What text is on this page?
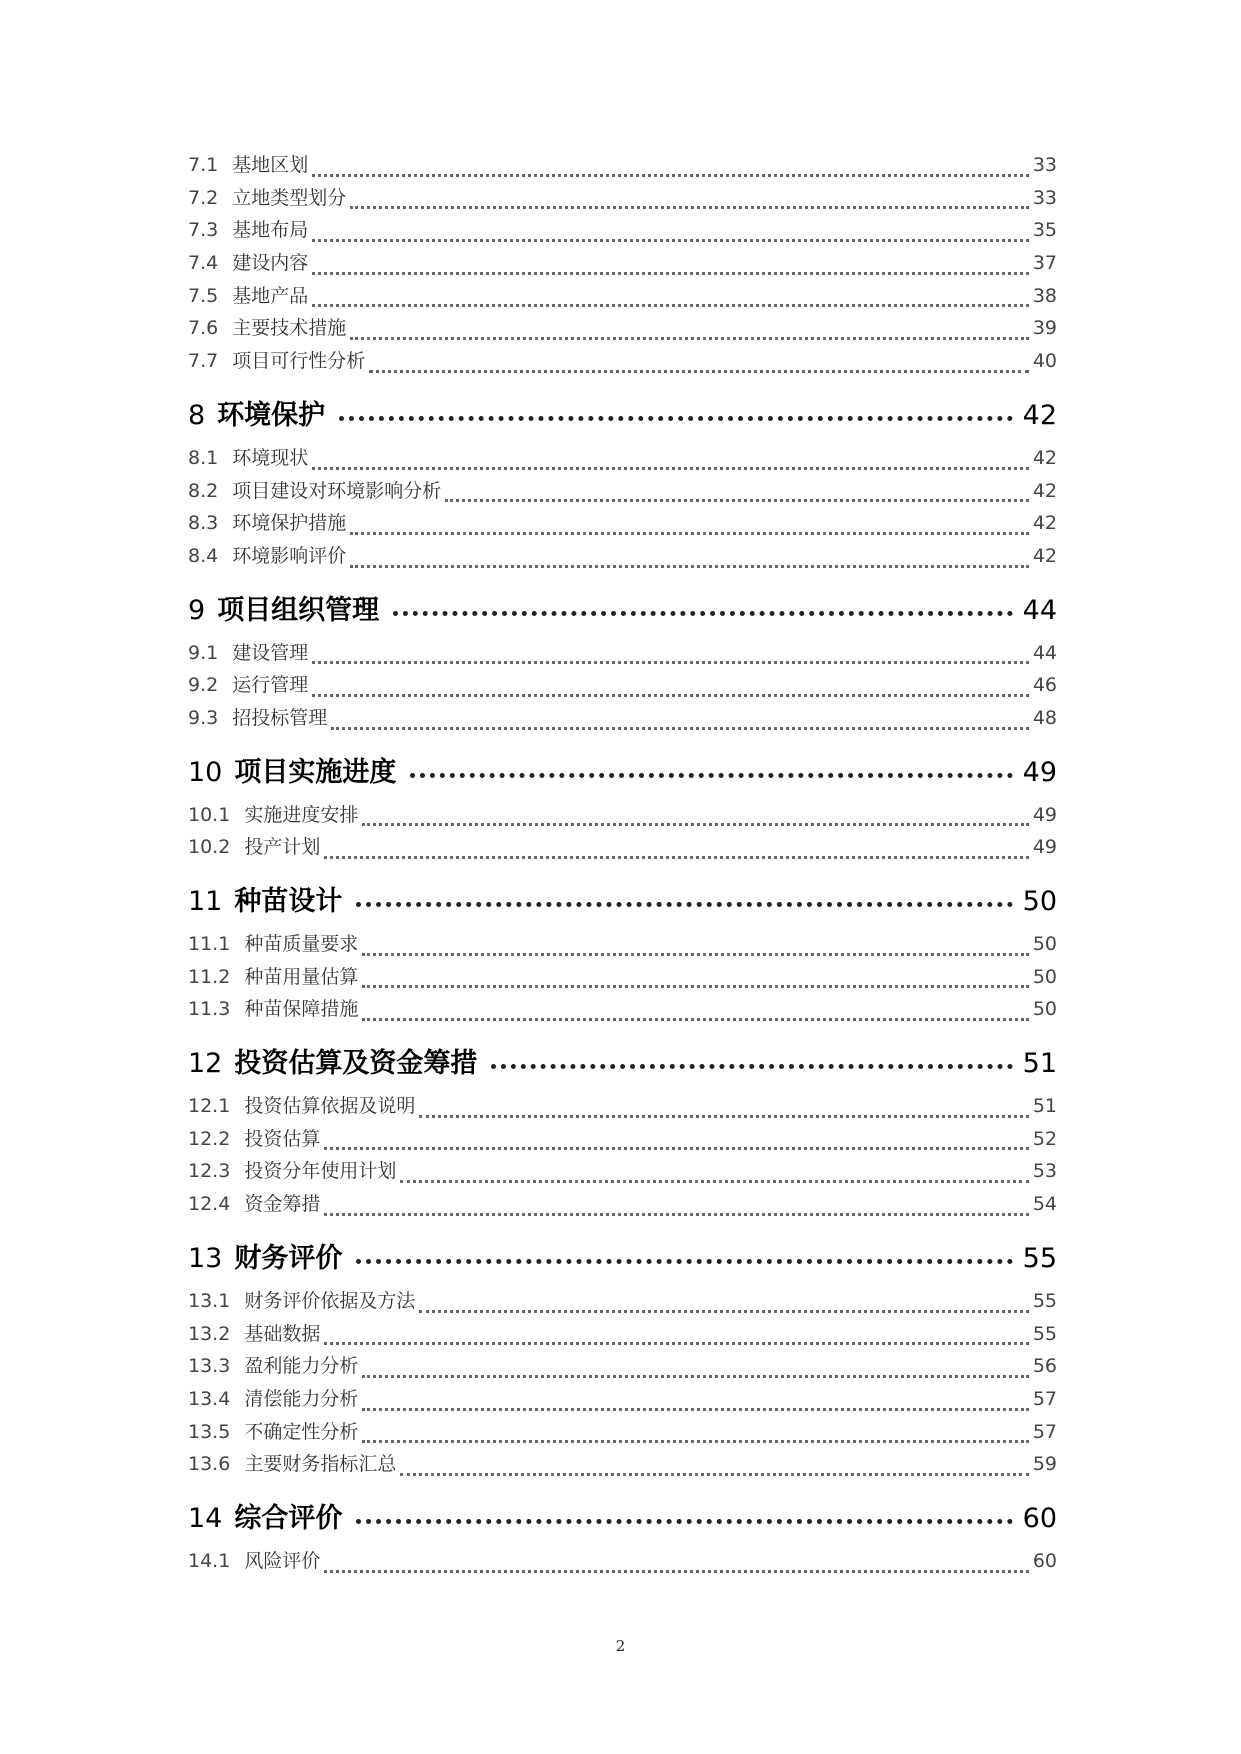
7.1 基地区划	33
7.2 立地类型划分	33
7.3 基地布局	35
7.4 建设内容	37
7.5 基地产品	38
7.6 主要技术措施	39
7.7 项目可行性分析	40
8 环境保护	42
8.1 环境现状	42
8.2 项目建设对环境影响分析	42
8.3 环境保护措施	42
8.4 环境影响评价	42
9 项目组织管理	44
9.1 建设管理	44
9.2 运行管理	46
9.3 招投标管理	48
10 项目实施进度	49
10.1 实施进度安排	49
10.2 投产计划	49
11 种苗设计	50
11.1 种苗质量要求	50
11.2 种苗用量估算	50
11.3 种苗保障措施	50
12 投资估算及资金筹措	51
12.1 投资估算依据及说明	51
12.2 投资估算	52
12.3 投资分年使用计划	53
12.4 资金筹措	54
13 财务评价	55
13.1 财务评价依据及方法	55
13.2 基础数据	55
13.3 盈利能力分析	56
13.4 清偿能力分析	57
13.5 不确定性分析	57
13.6 主要财务指标汇总	59
14 综合评价	60
14.1 风险评价	60
2
